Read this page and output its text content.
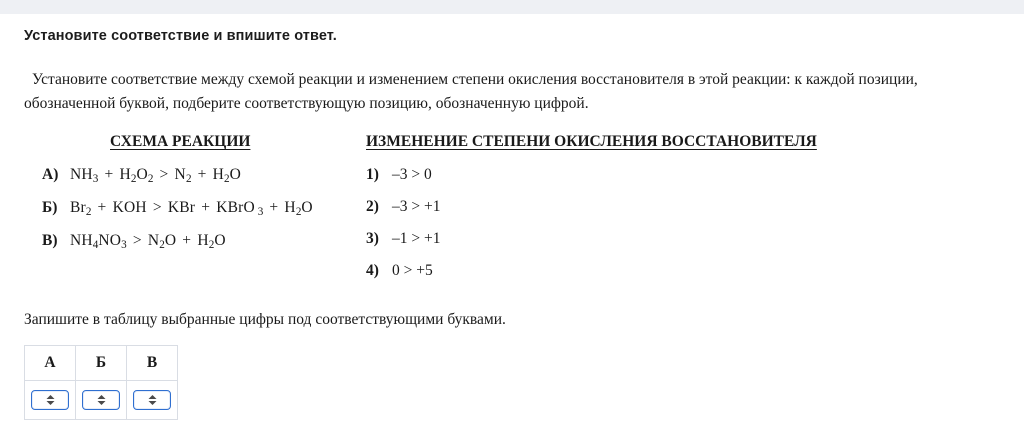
Установите соответствие и впишите ответ.
Установите соответствие между схемой реакции и изменением степени окисления восстановителя в этой реакции: к каждой позиции, обозначенной буквой, подберите соответствующую позицию, обозначенную цифрой.
СХЕМА РЕАКЦИИ	ИЗМЕНЕНИЕ СТЕПЕНИ ОКИСЛЕНИЯ ВОССТАНОВИТЕЛЯ
А) $NH_3 + H_2O_2 > N_2 + H_2O$
Б) $Br_2$ + KOH > KBr + KBrO $_3 + H_2O$
В) $NH_4NO_3 > N_2O + H_2O$
1) –3 > 0
2) –3 > +1
3) –1 > +1
4) 0 > +5
Запишите в таблицу выбранные цифры под соответствующими буквами.
А	Б	В
